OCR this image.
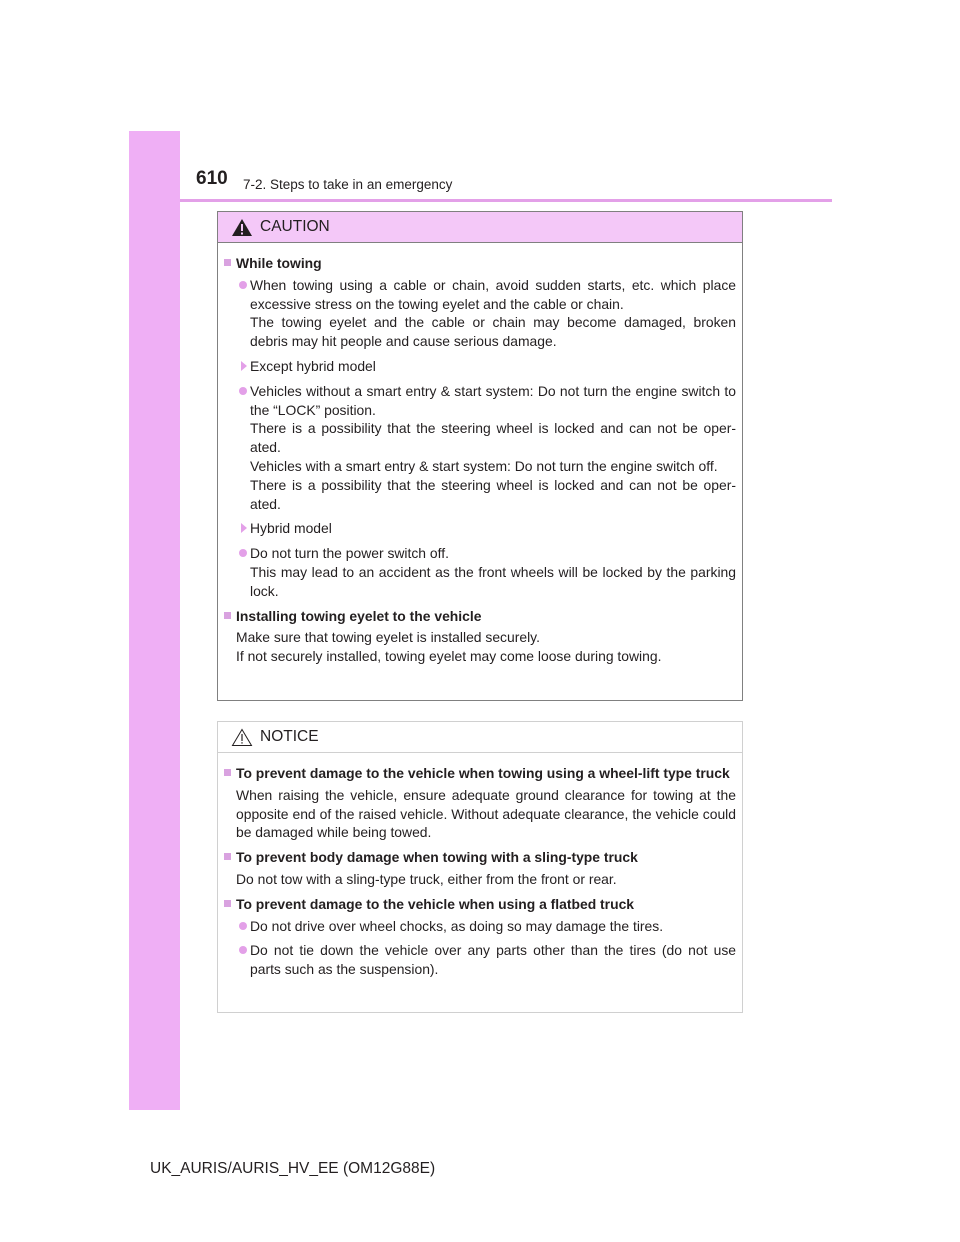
610 7-2. Steps to take in an emergency
CAUTION
While towing
When towing using a cable or chain, avoid sudden starts, etc. which place excessive stress on the towing eyelet and the cable or chain.
The towing eyelet and the cable or chain may become damaged, broken debris may hit people and cause serious damage.
Except hybrid model
Vehicles without a smart entry & start system: Do not turn the engine switch to the “LOCK” position.
There is a possibility that the steering wheel is locked and can not be oper-ated.
Vehicles with a smart entry & start system: Do not turn the engine switch off.
There is a possibility that the steering wheel is locked and can not be oper-ated.
Hybrid model
Do not turn the power switch off.
This may lead to an accident as the front wheels will be locked by the parking lock.
Installing towing eyelet to the vehicle
Make sure that towing eyelet is installed securely.
If not securely installed, towing eyelet may come loose during towing.
NOTICE
To prevent damage to the vehicle when towing using a wheel-lift type truck
When raising the vehicle, ensure adequate ground clearance for towing at the opposite end of the raised vehicle. Without adequate clearance, the vehicle could be damaged while being towed.
To prevent body damage when towing with a sling-type truck
Do not tow with a sling-type truck, either from the front or rear.
To prevent damage to the vehicle when using a flatbed truck
Do not drive over wheel chocks, as doing so may damage the tires.
Do not tie down the vehicle over any parts other than the tires (do not use parts such as the suspension).
UK_AURIS/AURIS_HV_EE (OM12G88E)
